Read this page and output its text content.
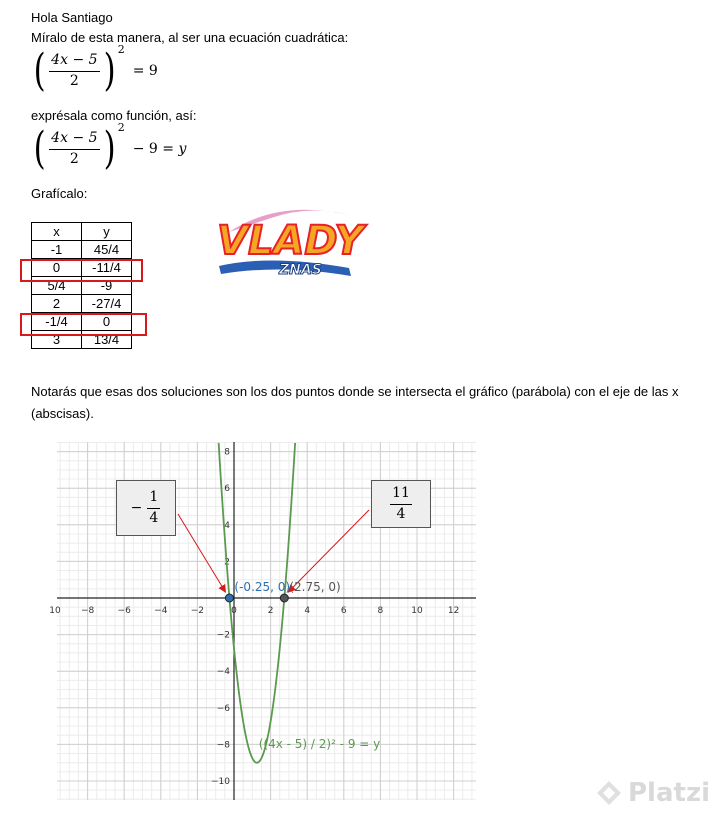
Hola Santiago
Míralo de esta manera, al ser una ecuación cuadrática:
( $\frac{4x - 5}{2}$ ) 2
= 9
exprésala como función, así:
( $\frac{4x - 5}{2}$ ) 2
− 9 = y
Grafícalo:
x	y
-1	45/4
0	-11/4
5/4	-9
2	-27/4
-1/4	0
3	13/4
VLADY
ZNAS
Notarás que esas dos soluciones son los dos puntos donde se intersecta el gráfico (parábola) con el eje de las x (abscisas).
10 −8	−6	−4	−2	0	2	4	6	8	10	12
8
6
4
2
−2
−4
−6
−8
−10
((4x - 5) / 2)² - 9 = y
(-0.25, 0) (2.75, 0)
− $\frac{1}{4}$	$\frac{11}{4}$
Platzi
